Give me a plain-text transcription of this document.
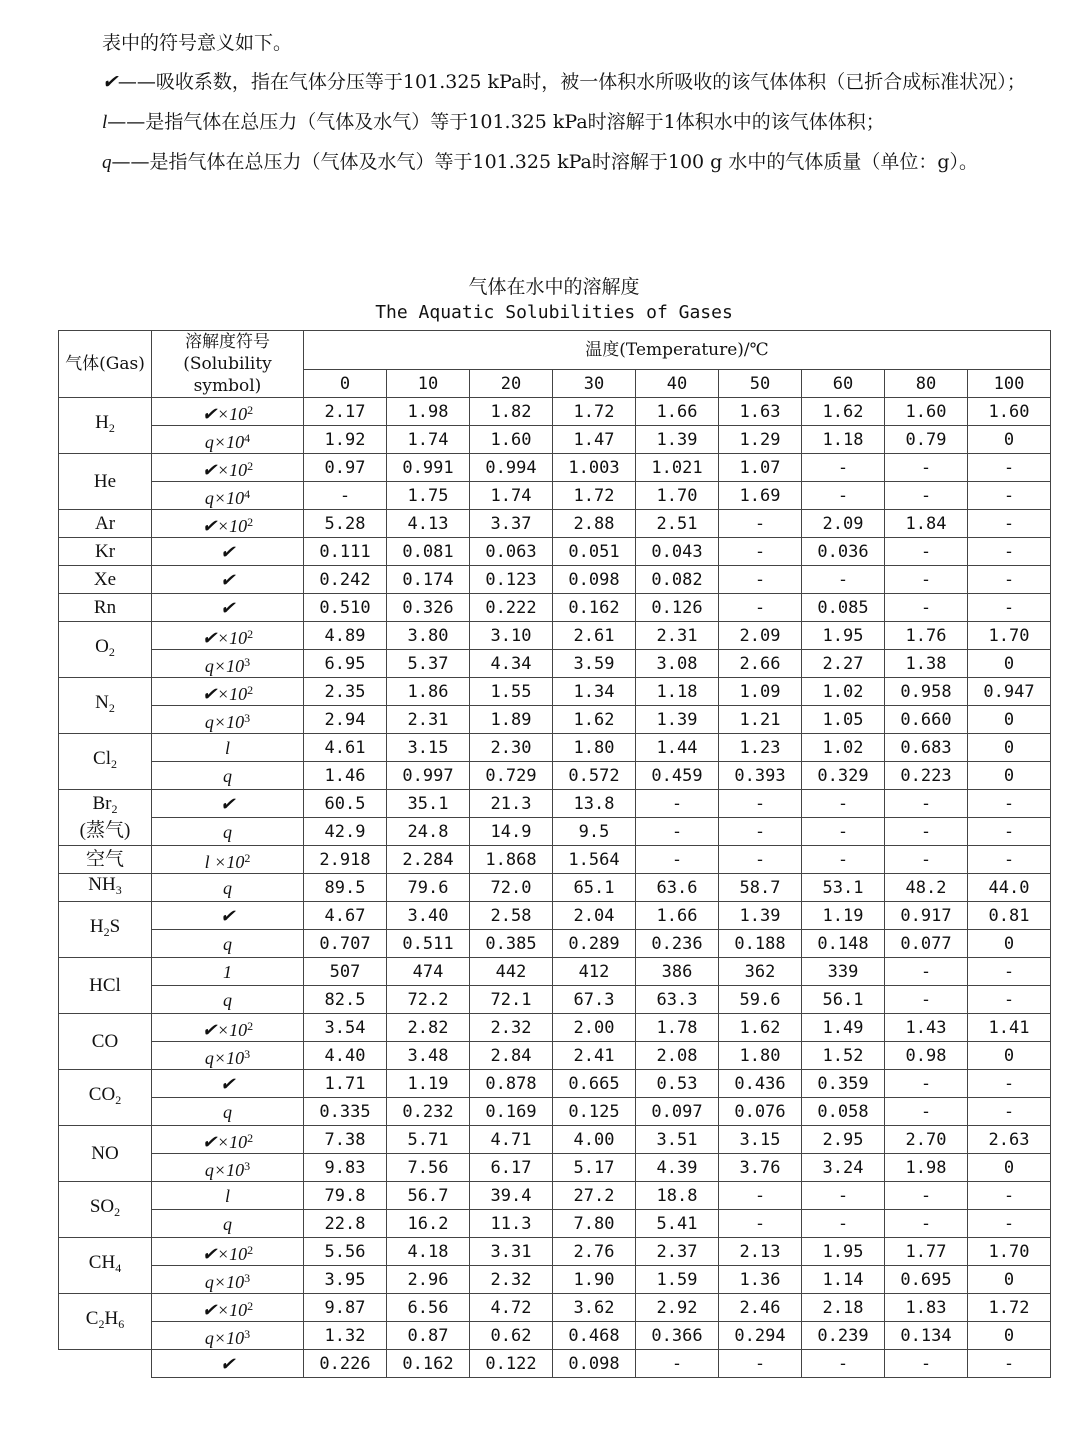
表中的符号意义如下。

✔——吸收系数，指在气体分压等于101.325 kPa时，被一体积水所吸收的该气体体积（已折合成标准状况）；

l——是指气体在总压力（气体及水气）等于101.325 kPa时溶解于1体积水中的该气体体积；

q——是指气体在总压力（气体及水气）等于101.325 kPa时溶解于100 g 水中的气体质量（单位：g）。

气体在水中的溶解度
The Aquatic Solubilities of Gases
气体(Gas)	溶解度符号(Solubility symbol)	温度(Temperature)/℃								
		0	10	20	30	40	50	60	80	100
$H_2$	$✔\times 10^2$	2.17	1.98	1.82	1.72	1.66	1.63	1.62	1.60	1.60
	$q\times 10^4$	1.92	1.74	1.60	1.47	1.39	1.29	1.18	0.79	0
He	$✔\times 10^2$	0.97	0.991	0.994	1.003	1.021	1.07	-	-	-
	$q\times 10^4$	-	1.75	1.74	1.72	1.70	1.69	-	-	-
Ar	$✔\times 10^2$	5.28	4.13	3.37	2.88	2.51	-	2.09	1.84	-
Kr	✔	0.111	0.081	0.063	0.051	0.043	-	0.036	-	-
Xe	✔	0.242	0.174	0.123	0.098	0.082	-	-	-	-
Rn	✔	0.510	0.326	0.222	0.162	0.126	-	0.085	-	-
$O_2$	$✔\times 10^2$	4.89	3.80	3.10	2.61	2.31	2.09	1.95	1.76	1.70
	$q\times 10^3$	6.95	5.37	4.34	3.59	3.08	2.66	2.27	1.38	0
$N_2$	$✔\times 10^2$	2.35	1.86	1.55	1.34	1.18	1.09	1.02	0.958	0.947
	$q\times 10^3$	2.94	2.31	1.89	1.62	1.39	1.21	1.05	0.660	0
$Cl_2$	l	4.61	3.15	2.30	1.80	1.44	1.23	1.02	0.683	0
	q	1.46	0.997	0.729	0.572	0.459	0.393	0.329	0.223	0
$Br_2$
(蒸气)	✔	60.5	35.1	21.3	13.8	-	-	-	-	-
	q	42.9	24.8	14.9	9.5	-	-	-	-	-
空气	$l \times 10^2$	2.918	2.284	1.868	1.564	-	-	-	-	-
$NH_3$	q	89.5	79.6	72.0	65.1	63.6	58.7	53.1	48.2	44.0
$H_2S$	✔	4.67	3.40	2.58	2.04	1.66	1.39	1.19	0.917	0.81
	q	0.707	0.511	0.385	0.289	0.236	0.188	0.148	0.077	0
HCl	1	507	474	442	412	386	362	339	-	-
	q	82.5	72.2	72.1	67.3	63.3	59.6	56.1	-	-
CO	$✔\times 10^2$	3.54	2.82	2.32	2.00	1.78	1.62	1.49	1.43	1.41
	$q\times 10^3$	4.40	3.48	2.84	2.41	2.08	1.80	1.52	0.98	0
$CO_2$	✔	1.71	1.19	0.878	0.665	0.53	0.436	0.359	-	-
	q	0.335	0.232	0.169	0.125	0.097	0.076	0.058	-	-
NO	$✔\times 10^2$	7.38	5.71	4.71	4.00	3.51	3.15	2.95	2.70	2.63
	$q\times 10^3$	9.83	7.56	6.17	5.17	4.39	3.76	3.24	1.98	0
$SO_2$	l	79.8	56.7	39.4	27.2	18.8	-	-	-	-
	q	22.8	16.2	11.3	7.80	5.41	-	-	-	-
$CH_4$	$✔\times 10^2$	5.56	4.18	3.31	2.76	2.37	2.13	1.95	1.77	1.70
	$q\times 10^3$	3.95	2.96	2.32	1.90	1.59	1.36	1.14	0.695	0
$C_2H_6$	$✔\times 10^2$	9.87	6.56	4.72	3.62	2.92	2.46	2.18	1.83	1.72
	$q\times 10^3$	1.32	0.87	0.62	0.468	0.366	0.294	0.239	0.134	0
	✔	0.226	0.162	0.122	0.098	-	-	-	-	-
